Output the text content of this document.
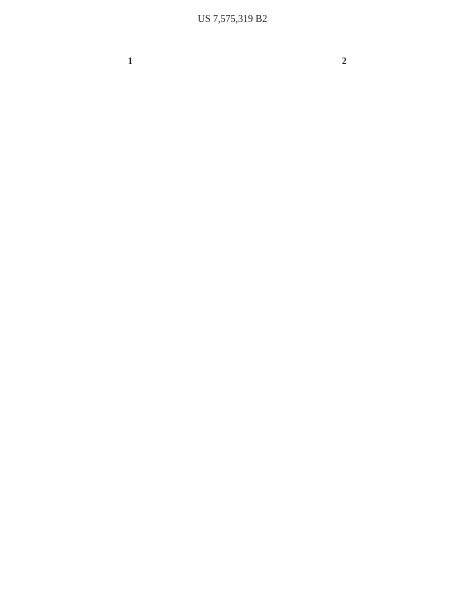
US 7,575,319 B2
1	2
